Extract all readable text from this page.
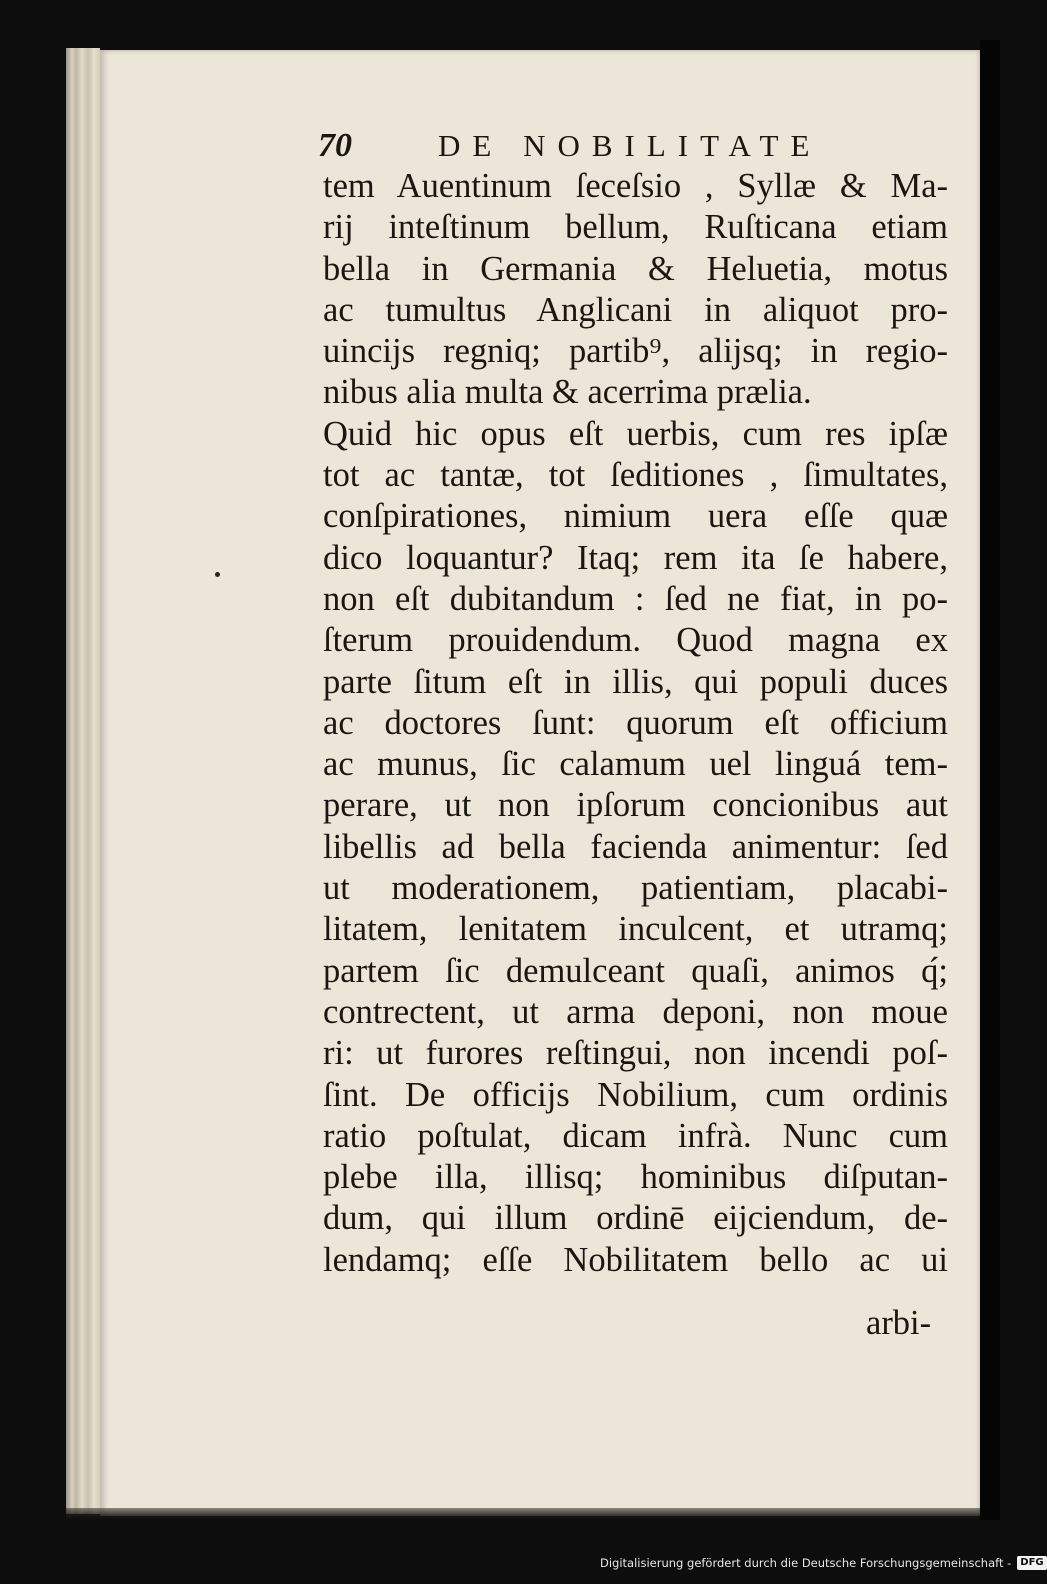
70	DE NOBILITATE
tem Auentinum ſeceſsio , Syllæ & Ma-
rij inteſtinum bellum, Ruſticana etiam
bella in Germania & Heluetia, motus
ac tumultus Anglicani in aliquot pro-
uincijs regniq; partib⁹, alijsq; in regio-
nibus alia multa & acerrima prælia.
Quid hic opus eſt uerbis, cum res ipſæ
tot ac tantæ, tot ſeditiones , ſimultates,
conſpirationes, nimium uera eſſe quæ
dico loquantur? Itaq; rem ita ſe habere,
non eſt dubitandum : ſed ne fiat, in po-
ſterum prouidendum. Quod magna ex
parte ſitum eſt in illis, qui populi duces
ac doctores ſunt: quorum eſt officium
ac munus, ſic calamum uel linguá tem-
perare, ut non ipſorum concionibus aut
libellis ad bella facienda animentur: ſed
ut moderationem, patientiam, placabi-
litatem, lenitatem inculcent, et utramq;
partem ſic demulceant quaſi, animos q́;
contrectent, ut arma deponi, non moue
ri: ut furores reſtingui, non incendi poſ-
ſint. De officijs Nobilium, cum ordinis
ratio poſtulat, dicam infrà. Nunc cum
plebe illa, illisq; hominibus diſputan-
dum, qui illum ordinē eijciendum, de-
lendamq; eſſe Nobilitatem bello ac ui
arbi-
Digitalisierung gefördert durch die Deutsche Forschungsgemeinschaft - DFG
